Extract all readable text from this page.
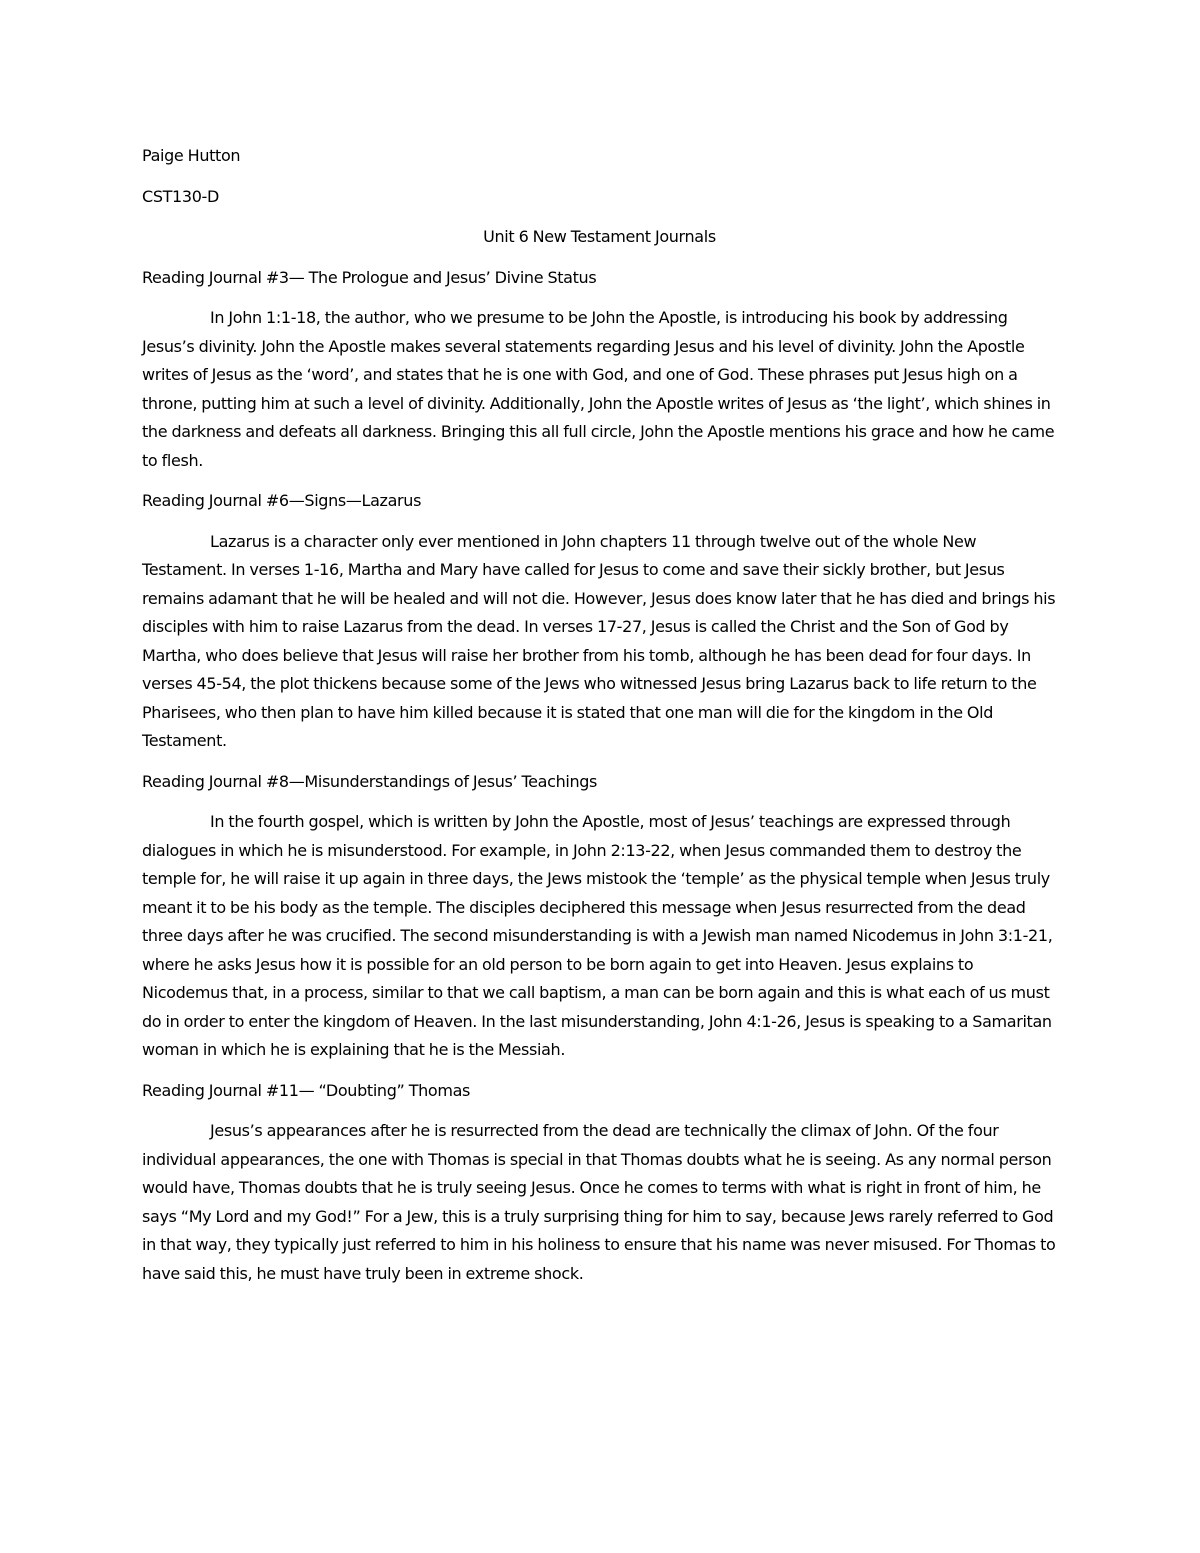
Paige Hutton

CST130-D

Unit 6 New Testament Journals

Reading Journal #3— The Prologue and Jesus’ Divine Status

In John 1:1-18, the author, who we presume to be John the Apostle, is introducing his book by addressing Jesus’s divinity. John the Apostle makes several statements regarding Jesus and his level of divinity. John the Apostle writes of Jesus as the ‘word’, and states that he is one with God, and one of God. These phrases put Jesus high on a throne, putting him at such a level of divinity. Additionally, John the Apostle writes of Jesus as ‘the light’, which shines in the darkness and defeats all darkness. Bringing this all full circle, John the Apostle mentions his grace and how he came to flesh.

Reading Journal #6—Signs—Lazarus

Lazarus is a character only ever mentioned in John chapters 11 through twelve out of the whole New Testament. In verses 1-16, Martha and Mary have called for Jesus to come and save their sickly brother, but Jesus remains adamant that he will be healed and will not die. However, Jesus does know later that he has died and brings his disciples with him to raise Lazarus from the dead. In verses 17-27, Jesus is called the Christ and the Son of God by Martha, who does believe that Jesus will raise her brother from his tomb, although he has been dead for four days. In verses 45-54, the plot thickens because some of the Jews who witnessed Jesus bring Lazarus back to life return to the Pharisees, who then plan to have him killed because it is stated that one man will die for the kingdom in the Old Testament.

Reading Journal #8—Misunderstandings of Jesus’ Teachings

In the fourth gospel, which is written by John the Apostle, most of Jesus’ teachings are expressed through dialogues in which he is misunderstood. For example, in John 2:13-22, when Jesus commanded them to destroy the temple for, he will raise it up again in three days, the Jews mistook the ‘temple’ as the physical temple when Jesus truly meant it to be his body as the temple. The disciples deciphered this message when Jesus resurrected from the dead three days after he was crucified. The second misunderstanding is with a Jewish man named Nicodemus in John 3:1-21, where he asks Jesus how it is possible for an old person to be born again to get into Heaven. Jesus explains to Nicodemus that, in a process, similar to that we call baptism, a man can be born again and this is what each of us must do in order to enter the kingdom of Heaven. In the last misunderstanding, John 4:1-26, Jesus is speaking to a Samaritan woman in which he is explaining that he is the Messiah.

Reading Journal #11— “Doubting” Thomas

Jesus’s appearances after he is resurrected from the dead are technically the climax of John. Of the four individual appearances, the one with Thomas is special in that Thomas doubts what he is seeing. As any normal person would have, Thomas doubts that he is truly seeing Jesus. Once he comes to terms with what is right in front of him, he says “My Lord and my God!” For a Jew, this is a truly surprising thing for him to say, because Jews rarely referred to God in that way, they typically just referred to him in his holiness to ensure that his name was never misused. For Thomas to have said this, he must have truly been in extreme shock.
